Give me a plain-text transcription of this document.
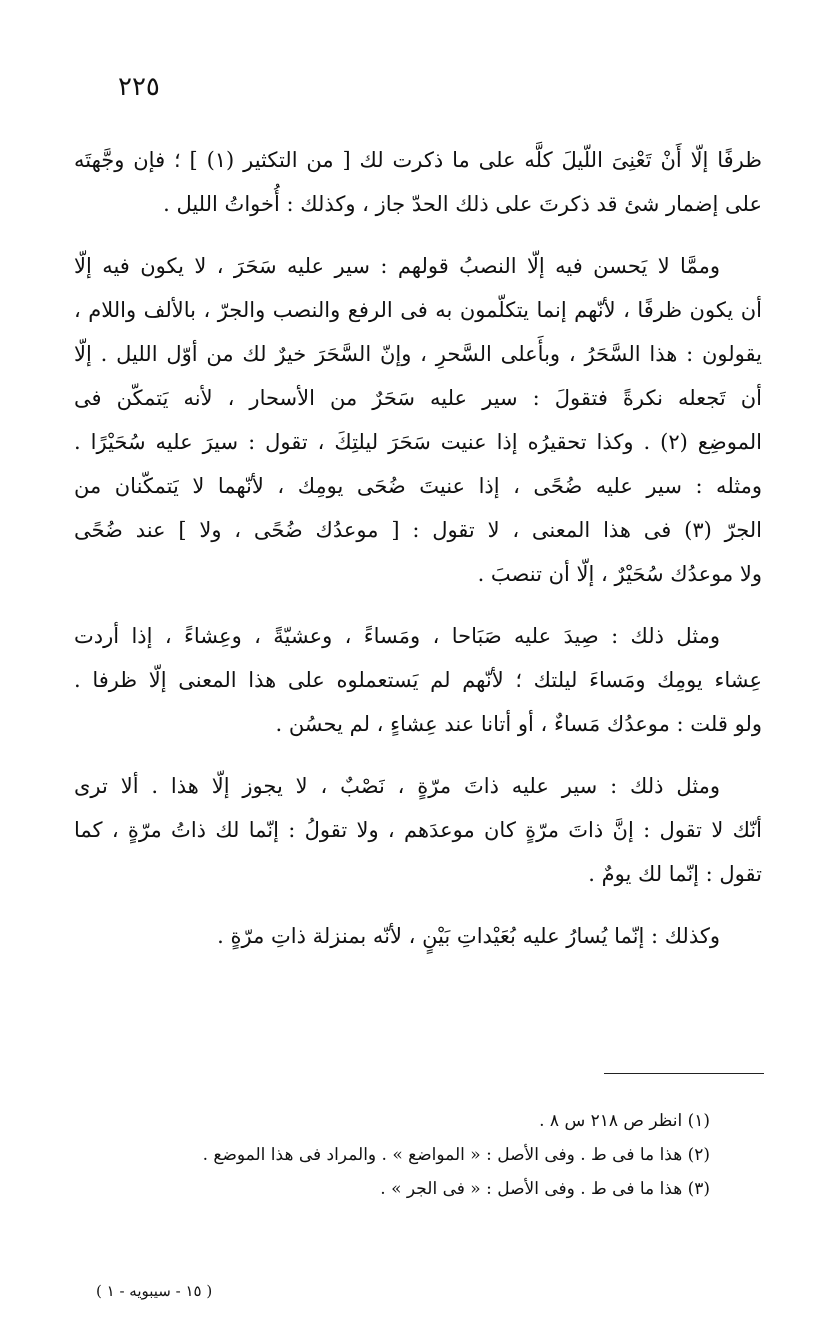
٢٢٥

ظرفًا إلّا أَنْ تَعْنِىَ اللّيلَ كلَّه على ما ذكرت لك [ من التكثير (١) ] ؛ فإن وجَّهتَه
على إضمار شئ قد ذكرتَ على ذلك الحدّ جاز ، وكذلك : أُخواتُ الليل .

وممَّا لا يَحسن فيه إلّا النصبُ قولهم : سير عليه سَحَرَ ، لا يكون فيه إلّا
أن يكون ظرفًا ، لأنّهم إنما يتكلّمون به فى الرفع والنصب والجرّ ، بالألف واللام ،
يقولون : هذا السَّحَرُ ، وبأَعلى السَّحرِ ، وإنّ السَّحَرَ خيرٌ لك من أوّل الليل . إلّا
أن تَجعله نكرةً فتقولَ : سير عليه سَحَرٌ من الأسحار ، لأنه يَتمكّن فى
الموضِع (٢) . وكذا تحقيرُه إذا عنيت سَحَرَ ليلتِكَ ، تقول : سيرَ عليه سُحَيْرًا .
ومثله : سير عليه ضُحًى ، إذا عنيتَ ضُحَى يومِك ، لأنّهما لا يَتمكّنان من
الجرّ (٣) فى هذا المعنى ، لا تقول : [ موعدُك ضُحًى ، ولا ] عند ضُحًى
ولا موعدُك سُحَيْرٌ ، إلّا أن تنصبَ .

ومثل ذلك : صِيدَ عليه صَبَاحا ، ومَساءً ، وعشيّةً ، وعِشاءً ، إذا أردت
عِشاء يومِك ومَساءَ ليلتك ؛ لأنّهم لم يَستعملوه على هذا المعنى إلّا ظرفا .
ولو قلت : موعدُك مَساءٌ ، أو أتانا عند عِشاءٍ ، لم يحسُن .

ومثل ذلك : سير عليه ذاتَ مرّةٍ ، نَصْبٌ ، لا يجوز إلّا هذا . ألا ترى
أنّك لا تقول : إنَّ ذاتَ مرّةٍ كان موعدَهم ، ولا تقولُ : إنّما لك ذاتُ مرّةٍ ، كما
تقول : إنّما لك يومٌ .

وكذلك : إنّما يُسارُ عليه بُعَيْداتِ بَيْنٍ ، لأنّه بمنزلة ذاتِ مرّةٍ .

(١) انظر ص ٢١٨ س ٨ .
(٢) هذا ما فى ط . وفى الأصل : « المواضع » . والمراد فى هذا الموضع .
(٣) هذا ما فى ط . وفى الأصل : « فى الجر » .
( ١٥ - سيبويه - ١ )
